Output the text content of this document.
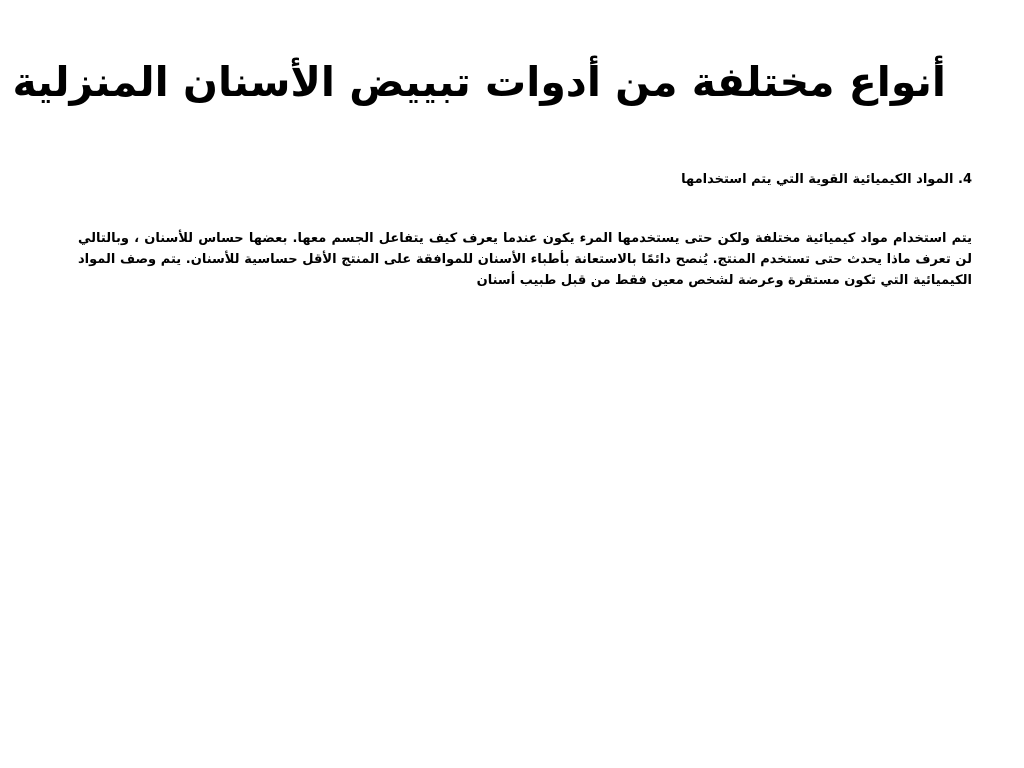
أنواع مختلفة من أدوات تبييض الأسنان المنزلية

4. المواد الكيميائية القوية التي يتم استخدامها

يتم استخدام مواد كيميائية مختلفة ولكن حتى يستخدمها المرء يكون عندما يعرف كيف يتفاعل الجسم معها. بعضها حساس للأسنان ، وبالتالي لن تعرف ماذا يحدث حتى تستخدم المنتج. يُنصح دائمًا بالاستعانة بأطباء الأسنان للموافقة على المنتج الأقل حساسية للأسنان. يتم وصف المواد الكيميائية التي تكون مستقرة وعرضة لشخص معين فقط من قبل طبيب أسنان
